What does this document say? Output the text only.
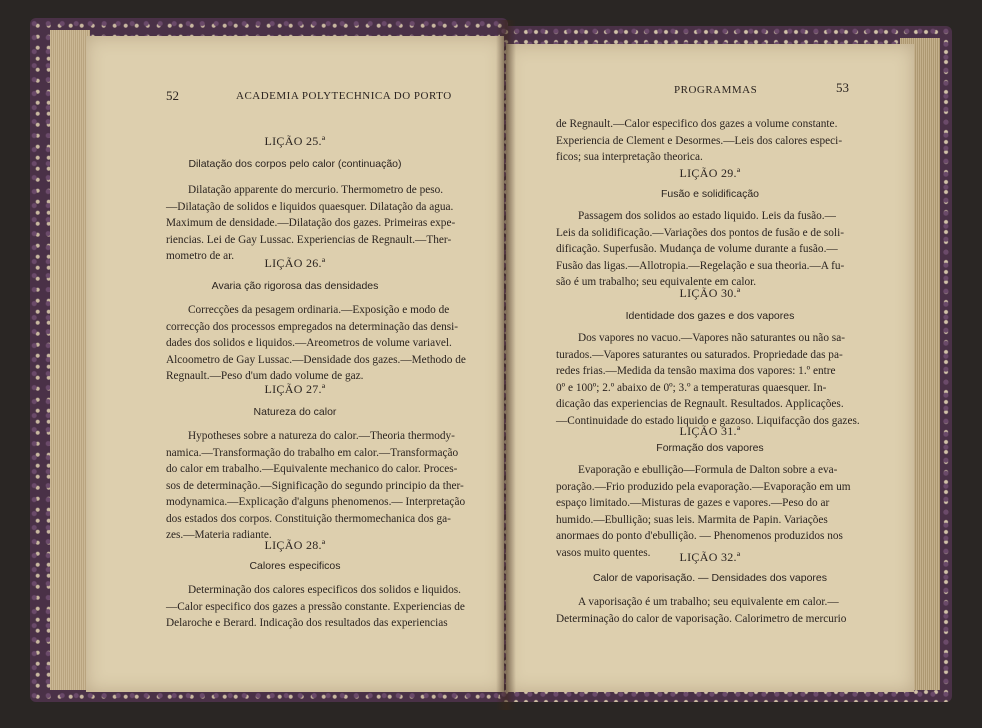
52	ACADEMIA POLYTECHNICA DO PORTO
LIÇÃO 25.ª
Dilatação dos corpos pelo calor (continuação)
Dilatação apparente do mercurio. Thermometro de peso.
—Dilatação de solidos e liquidos quaesquer. Dilatação da agua.
Maximum de densidade.—Dilatação dos gazes. Primeiras expe-
riencias. Lei de Gay Lussac. Experiencias de Regnault.—Ther-
mometro de ar.	LIÇÃO 26.ª
Avaria ção rigorosa das densidades
Correcções da pesagem ordinaria.—Exposição e modo de
correcção dos processos empregados na determinação das densi-
dades dos solidos e liquidos.—Areometros de volume variavel.
Alcoometro de Gay Lussac.—Densidade dos gazes.—Methodo de
Regnault.—Peso d'um dado volume de gaz.
LIÇÃO 27.ª
Natureza do calor
Hypotheses sobre a natureza do calor.—Theoria thermody-
namica.—Transformação do trabalho em calor.—Transformação
do calor em trabalho.—Equivalente mechanico do calor. Proces-
sos de determinação.—Significação do segundo principio da ther-
modynamica.—Explicação d'alguns phenomenos.— Interpretação
dos estados dos corpos. Constituição thermomechanica dos ga-
zes.—Materia radiante.
LIÇÃO 28.ª
Calores especificos
Determinação dos calores especificos dos solidos e liquidos.
—Calor especifico dos gazes a pressão constante. Experiencias de
Delaroche e Berard. Indicação dos resultados das experiencias
PROGRAMMAS	53
de Regnault.—Calor especifico dos gazes a volume constante.
Experiencia de Clement e Desormes.—Leis dos calores especi-
ficos; sua interpretação theorica.
LIÇÃO 29.ª
Fusão e solidificação
Passagem dos solidos ao estado liquido. Leis da fusão.—
Leis da solidificação.—Variações dos pontos de fusão e de soli-
dificação. Superfusão. Mudança de volume durante a fusão.—
Fusão das ligas.—Allotropia.—Regelação e sua theoria.—A fu-
são é um trabalho; seu equivalente em calor.
LIÇÃO 30.ª
Identidade dos gazes e dos vapores
Dos vapores no vacuo.—Vapores não saturantes ou não sa-
turados.—Vapores saturantes ou saturados. Propriedade das pa-
redes frias.—Medida da tensão maxima dos vapores: 1.º entre
0º e 100º; 2.º abaixo de 0º; 3.º a temperaturas quaesquer. In-
dicação das experiencias de Regnault. Resultados. Applicações.
—Continuidade do estado liquido e gazoso. Liquifacção dos gazes.
LIÇÃO 31.ª
Formação dos vapores
Evaporação e ebullição—Formula de Dalton sobre a eva-
poração.—Frio produzido pela evaporação.—Evaporação em um
espaço limitado.—Misturas de gazes e vapores.—Peso do ar
humido.—Ebullição; suas leis. Marmita de Papin. Variações
anormaes do ponto d'ebullição. — Phenomenos produzidos nos
vasos muito quentes.	LIÇÃO 32.ª
Calor de vaporisação. — Densidades dos vapores
A vaporisação é um trabalho; seu equivalente em calor.—
Determinação do calor de vaporisação. Calorimetro de mercurio
